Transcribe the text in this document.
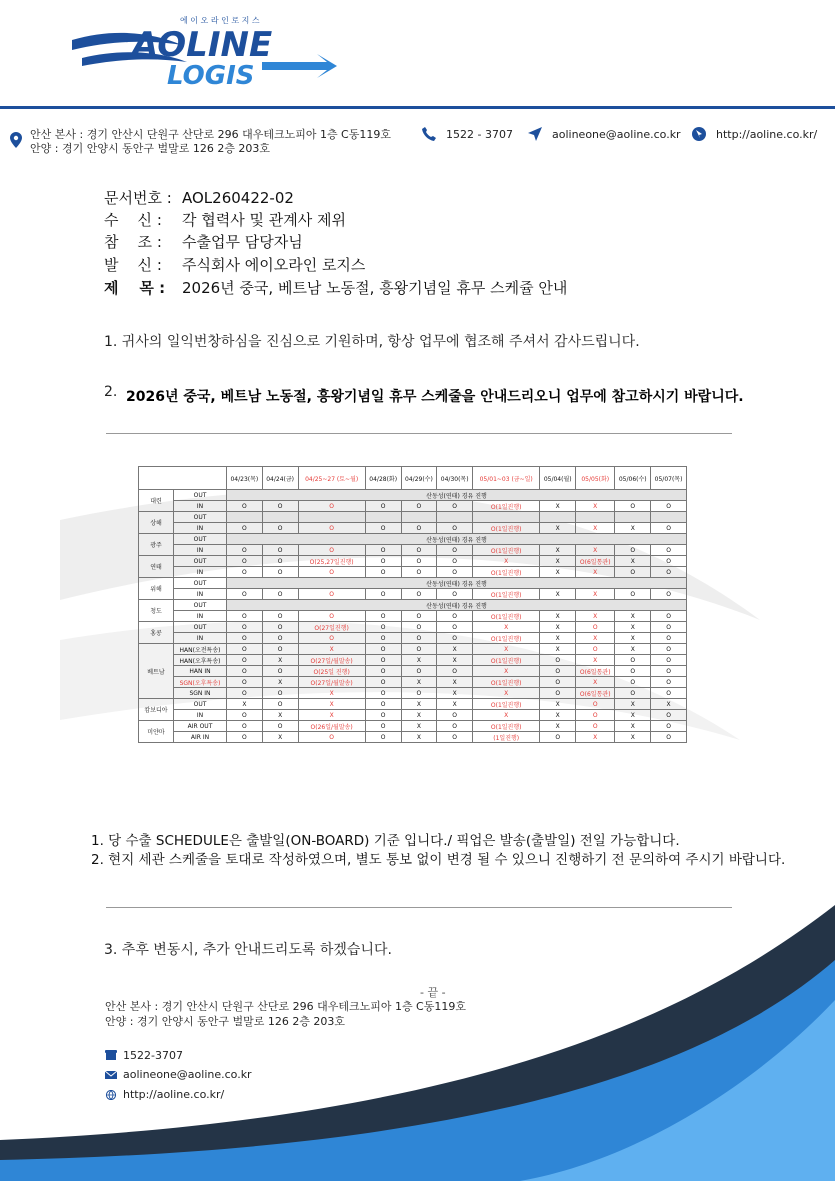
에 이 오 라 인 로 지 스
AOLINE
LOGIS
안산 본사 : 경기 안산시 단원구 산단로 296 대우테크노피아 1층 C동119호
안양 : 경기 안양시 동안구 벌말로 126 2층 203호
1522 - 3707	aolineone@aoline.co.kr	http://aoline.co.kr/
문서번호 : AOL260422-02
수    신 : 각 협력사 및 관계사 제위
참    조 : 수출업무 담당자님
발    신 : 주식회사 에이오라인 로지스
제    목 : 2026년 중국, 베트남 노동절, 흥왕기념일 휴무 스케쥴 안내
1. 귀사의 일익번창하심을 진심으로 기원하며, 항상 업무에 협조해 주셔서 감사드립니다.
2. 2026년 중국, 베트남 노동절, 흥왕기념일 휴무 스케줄을 안내드리오니 업무에 참고하시기 바랍니다.
		04/23(목)	04/24(금)	04/25~27 (토~월)	04/28(화)	04/29(수)	04/30(목)	05/01~03 (금~일)	05/04(월)	05/05(화)	05/06(수)	05/07(목)
대련	OUT	산동성(연태) 경유 진행										
	IN	O	O	O	O	O	O	O(1일진행)	X	X	O	O
상해	OUT											
	IN	O	O	O	O	O	O	O(1일진행)	X	X	X	O
광주	OUT	산동성(연태) 경유 진행										
	IN	O	O	O	O	O	O	O(1일진행)	X	X	O	O
연태	OUT	O	O	O(25,27일진행)	O	O	O	X	X	O(6일통관)	X	O
	IN	O	O	O	O	O	O	O(1일진행)	X	X	O	O
위해	OUT	산동성(연태) 경유 진행										
	IN	O	O	O	O	O	O	O(1일진행)	X	X	O	O
청도	OUT	산동성(연태) 경유 진행										
	IN	O	O	O	O	O	O	O(1일진행)	X	X	X	O
홍콩	OUT	O	O	O(27일진행)	O	O	O	X	X	O	X	O
	IN	O	O	O	O	O	O	O(1일진행)	X	X	X	O
베트남	HAN(오전특송)	O	O	X	O	O	X	X	X	O	X	O
	HAN(오후특송)	O	X	O(27일/월말송)	O	X	X	O(1일진행)	O	X	O	O
	HAN IN	O	O	O(25일 진행)	O	O	O	X	O	O(6일통관)	O	O
	SGN(오후특송)	O	X	O(27일/월말송)	O	X	X	O(1일진행)	O	X	O	O
	SGN IN	O	O	X	O	O	X	X	O	O(6일통관)	O	O
캄보디아	OUT	X	O	X	O	X	X	O(1일진행)	X	O	X	X
	IN	O	X	X	O	X	O	X	X	O	X	O
미얀마	AIR OUT	O	O	O(26일/월말송)	O	X	O	O(1일진행)	X	O	X	O
	AIR IN	O	X	O	O	X	O	(1일진행)	O	X	X	O
1. 당 수출 SCHEDULE은 출발일(ON-BOARD) 기준 입니다./ 픽업은 발송(출발일) 전일 가능합니다.
2. 현지 세관 스케줄을 토대로 작성하였으며, 별도 통보 없이 변경 될 수 있으니 진행하기 전 문의하여 주시기 바랍니다.
3. 추후 변동시, 추가 안내드리도록 하겠습니다.
- 끝 -
안산 본사 : 경기 안산시 단원구 산단로 296 대우테크노피아 1층 C동119호
안양 : 경기 안양시 동안구 벌말로 126 2층 203호
1522-3707
aolineone@aoline.co.kr
http://aoline.co.kr/
